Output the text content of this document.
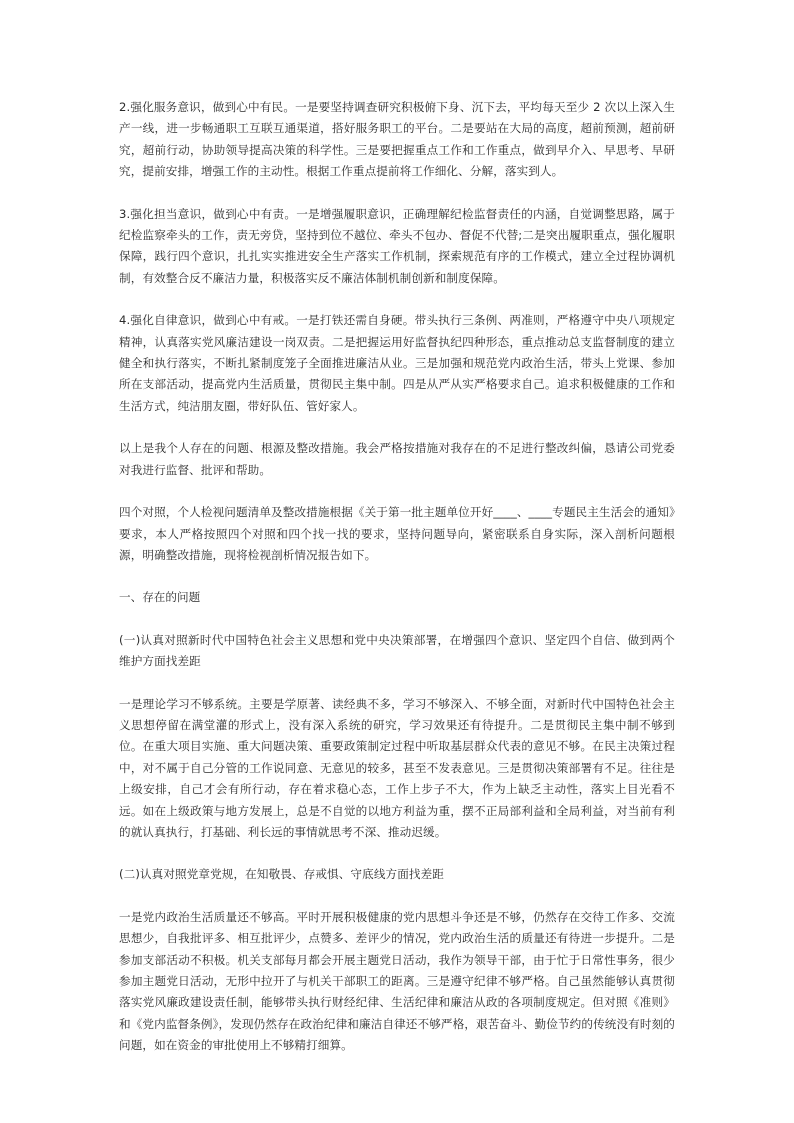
2.强化服务意识，做到心中有民。一是要坚持调查研究积极俯下身、沉下去，平均每天至少 2 次以上深入生产一线，进一步畅通职工互联互通渠道，搭好服务职工的平台。二是要站在大局的高度，超前预测，超前研究，超前行动，协助领导提高决策的科学性。三是要把握重点工作和工作重点，做到早介入、早思考、早研究，提前安排，增强工作的主动性。根据工作重点提前将工作细化、分解，落实到人。

3.强化担当意识，做到心中有责。一是增强履职意识，正确理解纪检监督责任的内涵，自觉调整思路，属于纪检监察牵头的工作，责无旁贷，坚持到位不越位、牵头不包办、督促不代替;二是突出履职重点，强化履职保障，践行四个意识，扎扎实实推进安全生产落实工作机制，探索规范有序的工作模式，建立全过程协调机制，有效整合反不廉洁力量，积极落实反不廉洁体制机制创新和制度保障。

4.强化自律意识，做到心中有戒。一是打铁还需自身硬。带头执行三条例、两准则，严格遵守中央八项规定精神，认真落实党风廉洁建设一岗双责。二是把握运用好监督执纪四种形态，重点推动总支监督制度的建立健全和执行落实，不断扎紧制度笼子全面推进廉洁从业。三是加强和规范党内政治生活，带头上党课、参加所在支部活动，提高党内生活质量，贯彻民主集中制。四是从严从实严格要求自己。追求积极健康的工作和生活方式，纯洁朋友圈，带好队伍、管好家人。

以上是我个人存在的问题、根源及整改措施。我会严格按措施对我存在的不足进行整改纠偏，恳请公司党委对我进行监督、批评和帮助。

四个对照，个人检视问题清单及整改措施根据《关于第一批主题单位开好____、____专题民主生活会的通知》要求，本人严格按照四个对照和四个找一找的要求，坚持问题导向，紧密联系自身实际，深入剖析问题根源，明确整改措施，现将检视剖析情况报告如下。

一、存在的问题

(一)认真对照新时代中国特色社会主义思想和党中央决策部署，在增强四个意识、坚定四个自信、做到两个维护方面找差距

一是理论学习不够系统。主要是学原著、读经典不多，学习不够深入、不够全面，对新时代中国特色社会主义思想停留在满堂灌的形式上，没有深入系统的研究，学习效果还有待提升。二是贯彻民主集中制不够到位。在重大项目实施、重大问题决策、重要政策制定过程中听取基层群众代表的意见不够。在民主决策过程中，对不属于自己分管的工作说同意、无意见的较多，甚至不发表意见。三是贯彻决策部署有不足。往往是上级安排，自己才会有所行动，存在着求稳心态，工作上步子不大，作为上缺乏主动性，落实上目光看不远。如在上级政策与地方发展上，总是不自觉的以地方利益为重，摆不正局部利益和全局利益，对当前有利的就认真执行，打基础、利长远的事情就思考不深、推动迟缓。

(二)认真对照党章党规，在知敬畏、存戒惧、守底线方面找差距

一是党内政治生活质量还不够高。平时开展积极健康的党内思想斗争还是不够，仍然存在交待工作多、交流思想少，自我批评多、相互批评少，点赞多、差评少的情况，党内政治生活的质量还有待进一步提升。二是参加支部活动不积极。机关支部每月都会开展主题党日活动，我作为领导干部，由于忙于日常性事务，很少参加主题党日活动，无形中拉开了与机关干部职工的距离。三是遵守纪律不够严格。自己虽然能够认真贯彻落实党风廉政建设责任制，能够带头执行财经纪律、生活纪律和廉洁从政的各项制度规定。但对照《准则》和《党内监督条例》，发现仍然存在政治纪律和廉洁自律还不够严格，艰苦奋斗、勤俭节约的传统没有时刻的问题，如在资金的审批使用上不够精打细算。
